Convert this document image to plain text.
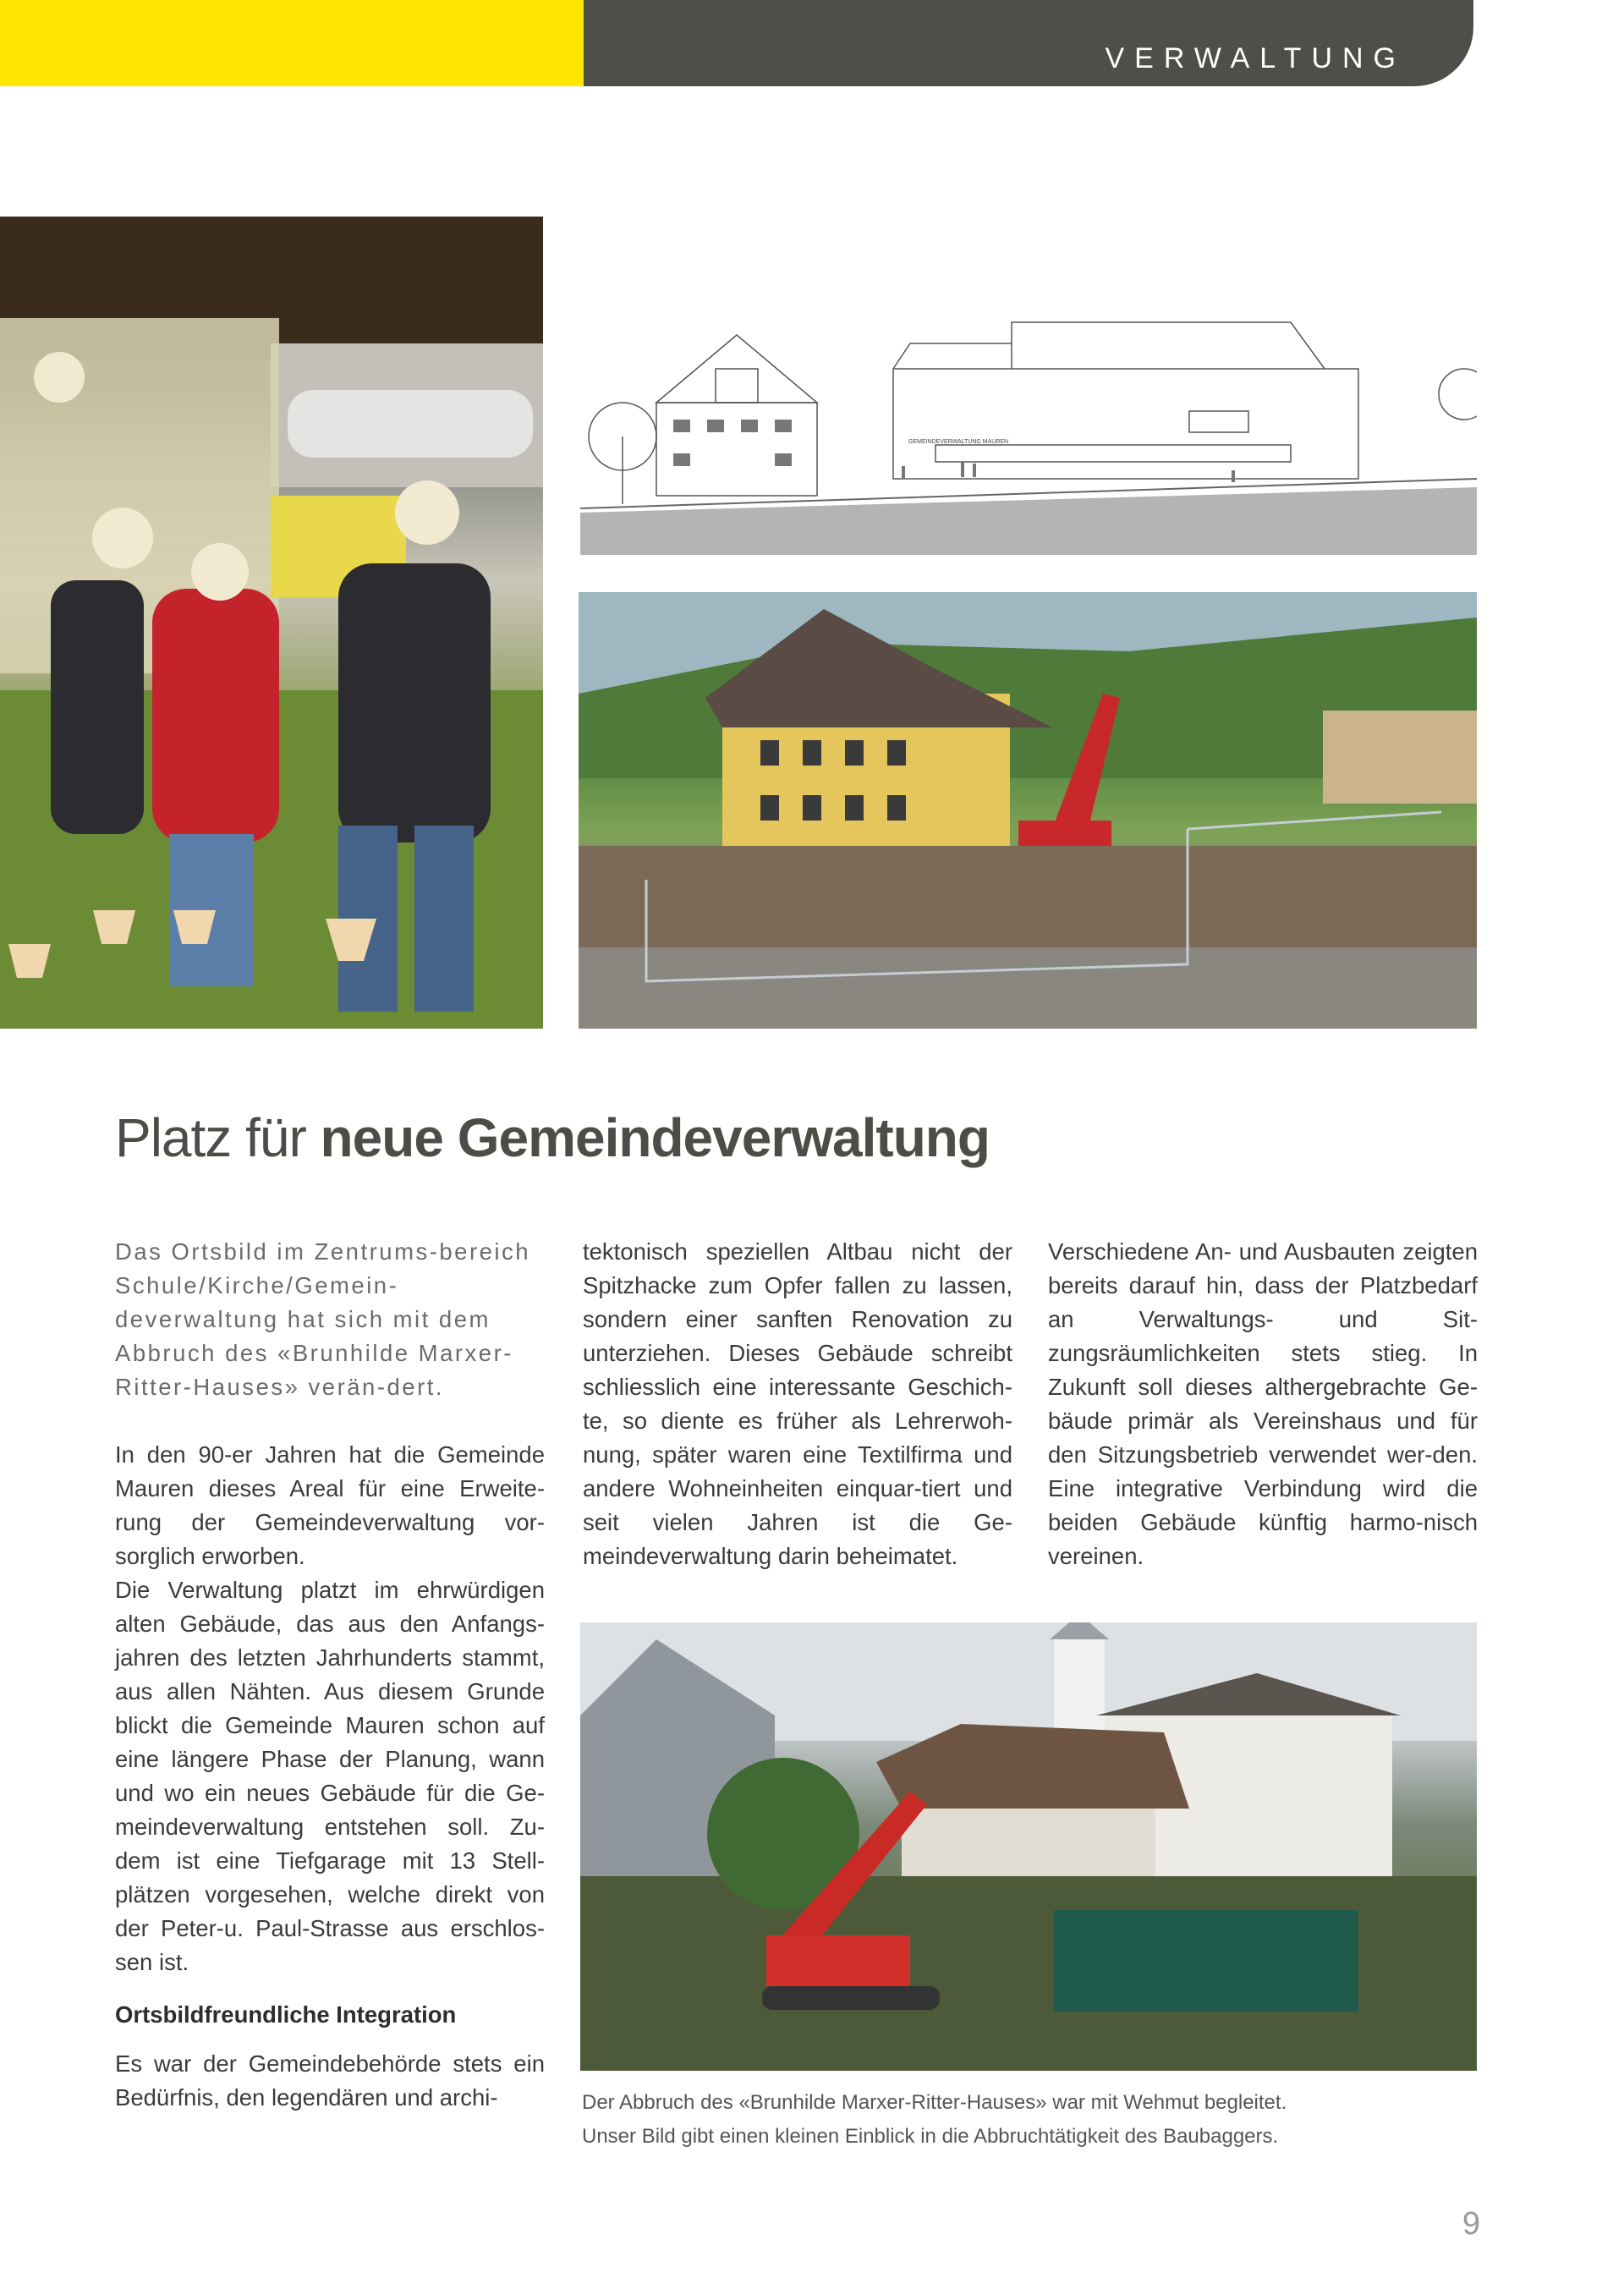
VERWALTUNG
GEMEINDEVERWALTUNG MAUREN
Platz für neue Gemeindeverwaltung

Das Ortsbild im Zentrums-bereich Schule/Kirche/Gemein-deverwaltung hat sich mit dem Abbruch des «Brunhilde Marxer-Ritter-Hauses» verän-dert.

In den 90-er Jahren hat die Gemeinde Mauren dieses Areal für eine Erweite-rung der Gemeindeverwaltung vor-sorglich erworben.

Die Verwaltung platzt im ehrwürdigen alten Gebäude, das aus den Anfangs-jahren des letzten Jahrhunderts stammt, aus allen Nähten. Aus diesem Grunde blickt die Gemeinde Mauren schon auf eine längere Phase der Planung, wann und wo ein neues Gebäude für die Ge-meindeverwaltung entstehen soll. Zu-dem ist eine Tiefgarage mit 13 Stell-plätzen vorgesehen, welche direkt von der Peter-u. Paul-Strasse aus erschlos-sen ist.

Ortsbildfreundliche Integration

Es war der Gemeindebehörde stets ein Bedürfnis, den legendären und archi-

tektonisch speziellen Altbau nicht der Spitzhacke zum Opfer fallen zu lassen, sondern einer sanften Renovation zu unterziehen. Dieses Gebäude schreibt schliesslich eine interessante Geschich-te, so diente es früher als Lehrerwoh-nung, später waren eine Textilfirma und andere Wohneinheiten einquar-tiert und seit vielen Jahren ist die Ge-meindeverwaltung darin beheimatet.

Verschiedene An- und Ausbauten zeigten bereits darauf hin, dass der Platzbedarf an Verwaltungs- und Sit-zungsräumlichkeiten stets stieg. In Zukunft soll dieses althergebrachte Ge-bäude primär als Vereinshaus und für den Sitzungsbetrieb verwendet wer-den. Eine integrative Verbindung wird die beiden Gebäude künftig harmo-nisch vereinen.

Der Abbruch des «Brunhilde Marxer-Ritter-Hauses» war mit Wehmut begleitet.
Unser Bild gibt einen kleinen Einblick in die Abbruchtätigkeit des Baubaggers.
9
